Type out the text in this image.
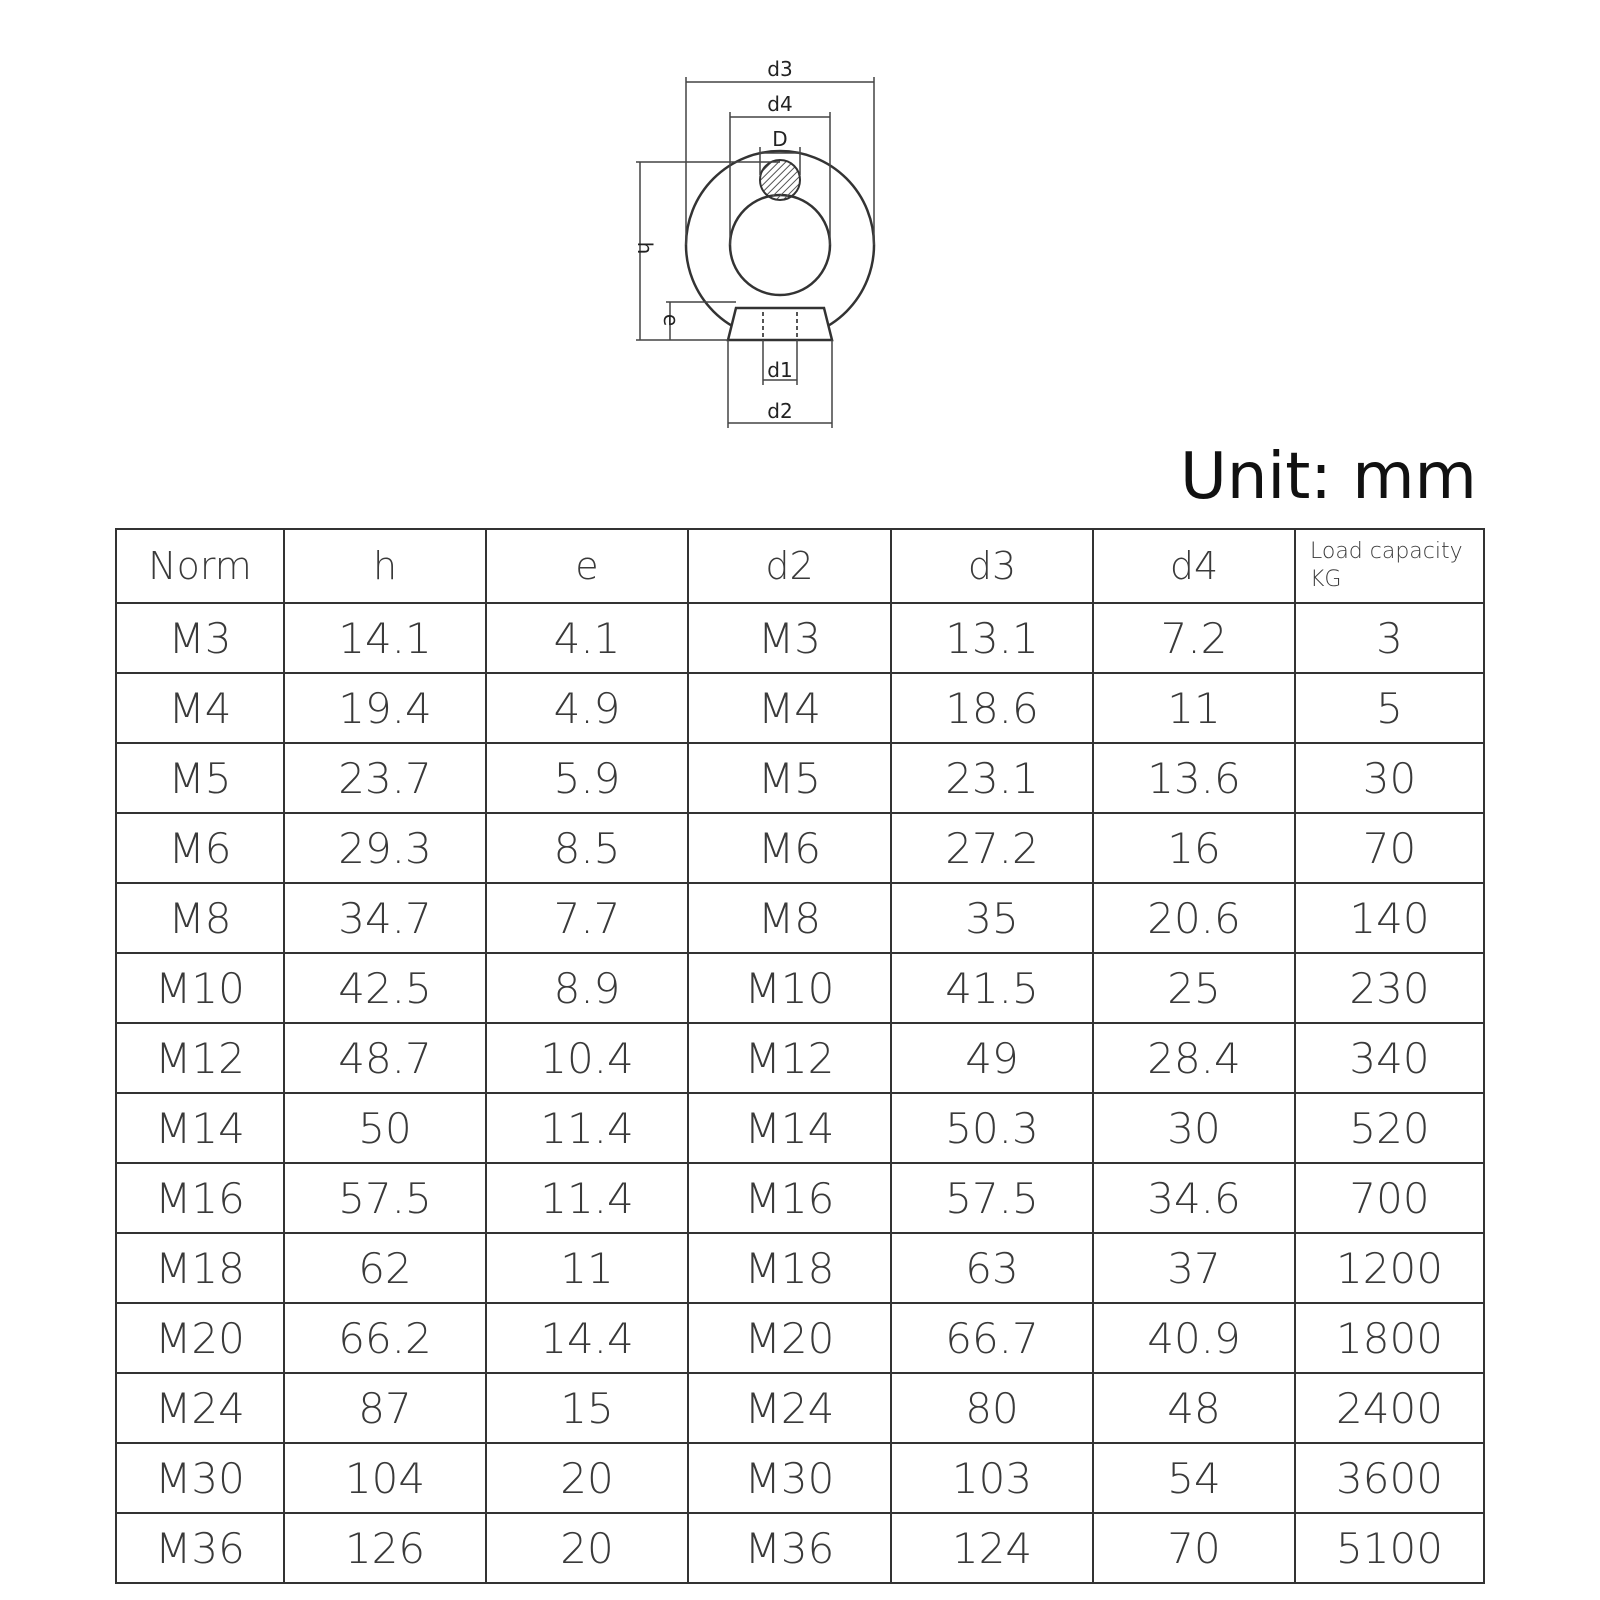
d3
d4
D
h
e
d1
d2
Unit: mm
Norm	h	e	d2	d3	d4	Load capacity
KG

M3	14.1	4.1	M3	13.1	7.2	3
M4	19.4	4.9	M4	18.6	11	5
M5	23.7	5.9	M5	23.1	13.6	30
M6	29.3	8.5	M6	27.2	16	70
M8	34.7	7.7	M8	35	20.6	140
M10	42.5	8.9	M10	41.5	25	230
M12	48.7	10.4	M12	49	28.4	340
M14	50	11.4	M14	50.3	30	520
M16	57.5	11.4	M16	57.5	34.6	700
M18	62	11	M18	63	37	1200
M20	66.2	14.4	M20	66.7	40.9	1800
M24	87	15	M24	80	48	2400
M30	104	20	M30	103	54	3600
M36	126	20	M36	124	70	5100
